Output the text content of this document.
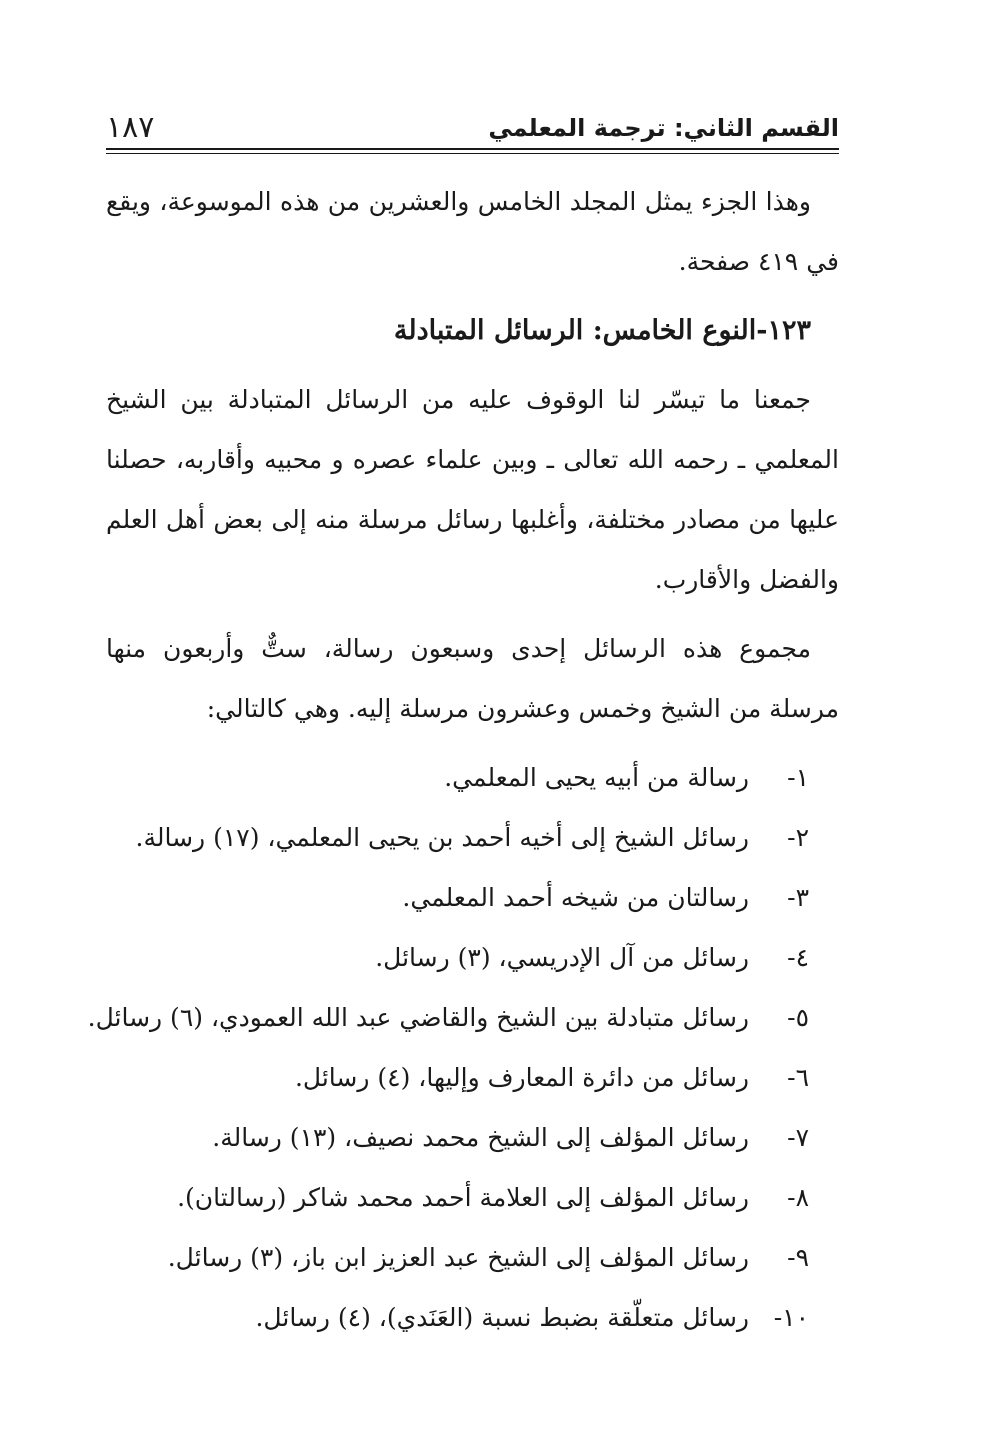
القسم الثاني: ترجمة المعلمي
١٨٧

وهذا الجزء يمثل المجلد الخامس والعشرين من هذه الموسوعة، ويقع في ٤١٩ صفحة.

١٢٣-النوع الخامس: الرسائل المتبادلة

جمعنا ما تيسّر لنا الوقوف عليه من الرسائل المتبادلة بين الشيخ المعلمي ـ رحمه الله تعالى ـ وبين علماء عصره و محبيه وأقاربه، حصلنا عليها من مصادر مختلفة، وأغلبها رسائل مرسلة منه إلى بعض أهل العلم والفضل والأقارب.

مجموع هذه الرسائل إحدى وسبعون رسالة، ستٌّ وأربعون منها مرسلة من الشيخ وخمس وعشرون مرسلة إليه. وهي كالتالي:

١-
رسالة من أبيه يحيى المعلمي.
٢-
رسائل الشيخ إلى أخيه أحمد بن يحيى المعلمي، (١٧) رسالة.
٣-
رسالتان من شيخه أحمد المعلمي.
٤-
رسائل من آل الإدريسي، (٣) رسائل.
٥-
رسائل متبادلة بين الشيخ والقاضي عبد الله العمودي، (٦) رسائل.
٦-
رسائل من دائرة المعارف وإليها، (٤) رسائل.
٧-
رسائل المؤلف إلى الشيخ محمد نصيف، (١٣) رسالة.
٨-
رسائل المؤلف إلى العلامة أحمد محمد شاكر (رسالتان).
٩-
رسائل المؤلف إلى الشيخ عبد العزيز ابن باز، (٣) رسائل.
١٠-
رسائل متعلّقة بضبط نسبة (العَنَدي)، (٤) رسائل.
